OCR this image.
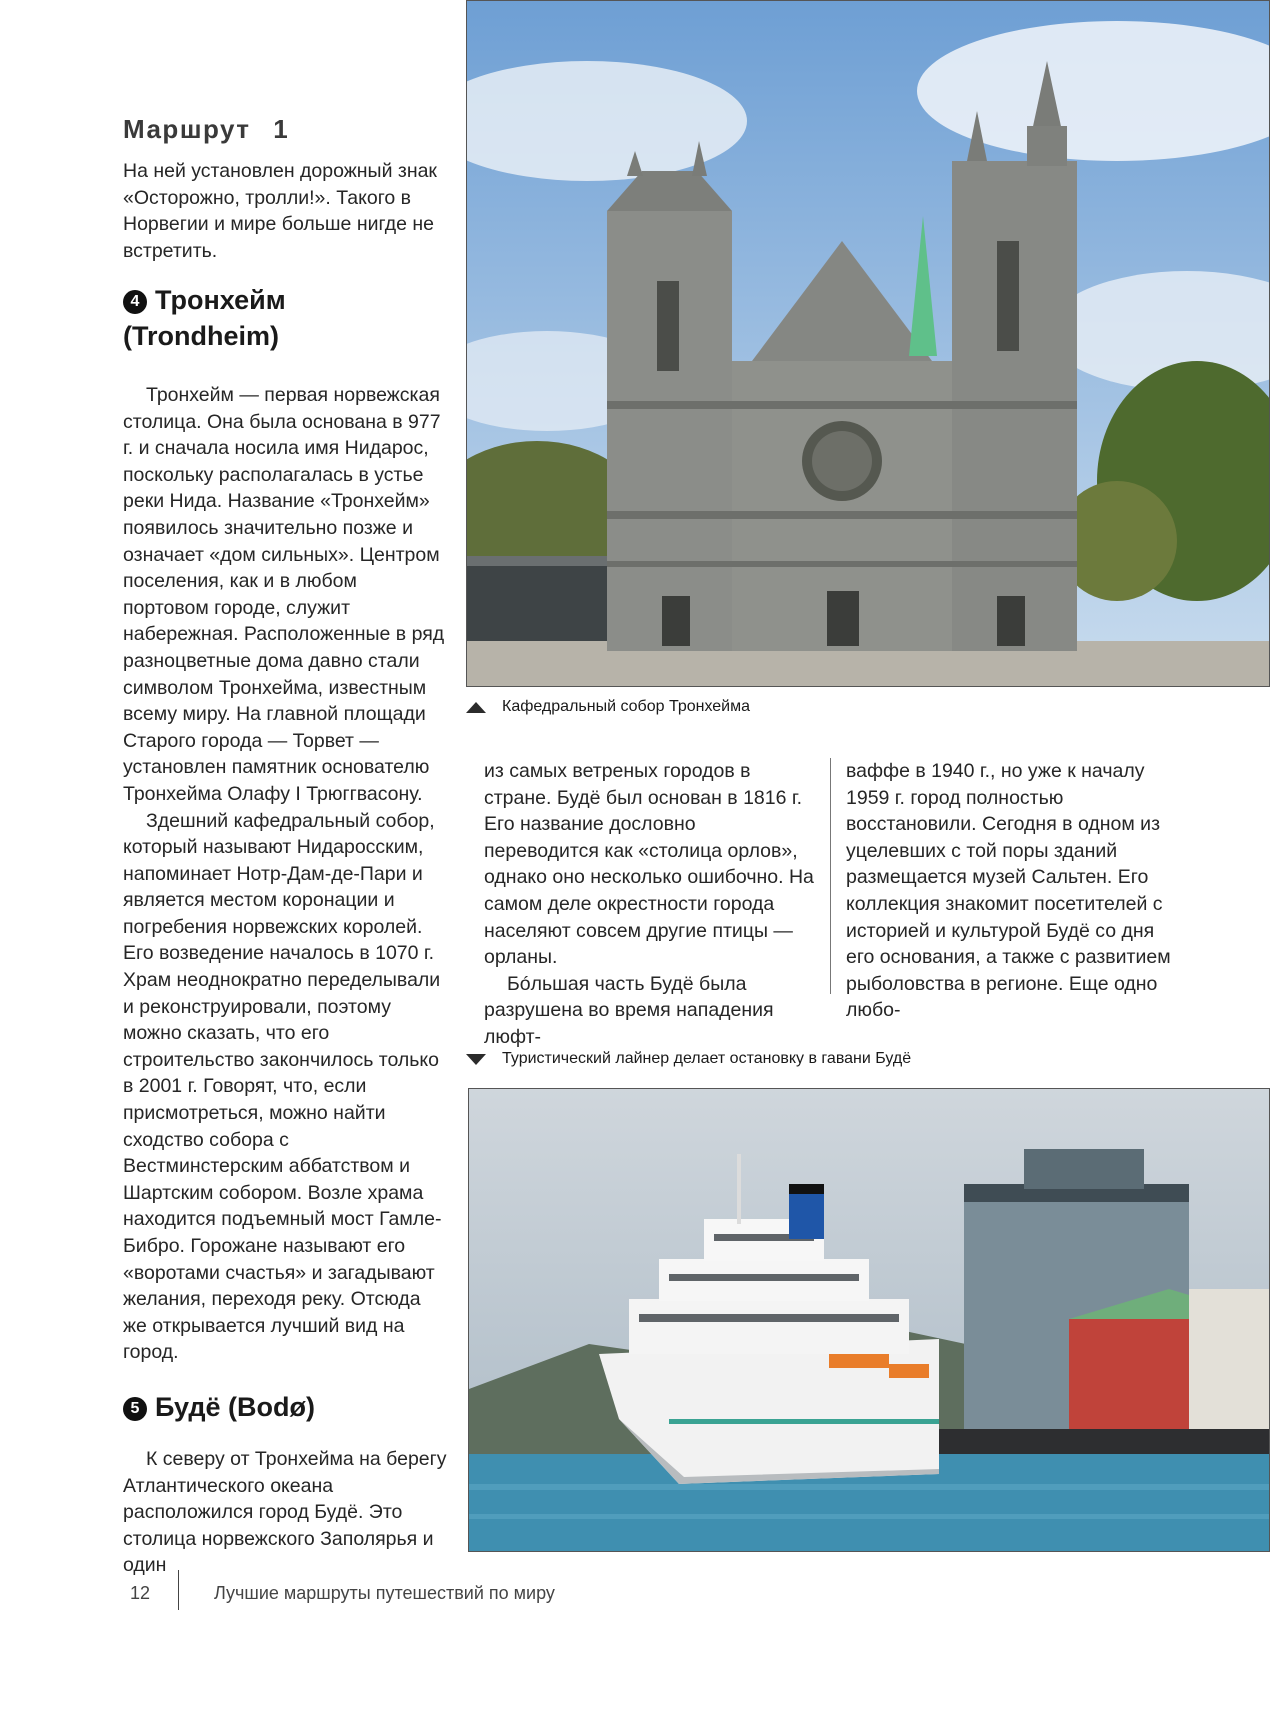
Маршрут 1

На ней установлен дорожный знак «Осторожно, тролли!». Такого в Норвегии и мире больше нигде не встретить.

4 Тронхейм (Trondheim)

Тронхейм — первая норвежская столица. Она была основана в 977 г. и сначала носила имя Нидарос, поскольку располагалась в устье реки Нида. Название «Тронхейм» появилось значительно позже и означает «дом сильных». Центром поселения, как и в любом портовом городе, служит набережная. Расположенные в ряд разноцветные дома давно стали символом Тронхейма, известным всему миру. На главной площади Старого города — Торвет — установлен памятник основателю Тронхейма Олафу I Трюггвасону.

Здешний кафедральный собор, который называют Нидаросским, напоминает Нотр-Дам-де-Пари и является местом коронации и погребения норвежских королей. Его возведение началось в 1070 г. Храм неоднократно переделывали и реконструировали, поэтому можно сказать, что его строительство закончилось только в 2001 г. Говорят, что, если присмотреться, можно найти сходство собора с Вестминстерским аббатством и Шартским собором. Возле храма находится подъемный мост Гамле-Бибро. Горожане называют его «воротами счастья» и загадывают желания, переходя реку. Отсюда же открывается лучший вид на город.

5 Будё (Bodø)

К северу от Тронхейма на берегу Атлантического океана расположился город Будё. Это столица норвежского Заполярья и один

Кафедральный собор Тронхейма

из самых ветреных городов в стране. Будё был основан в 1816 г. Его название дословно переводится как «столица орлов», однако оно несколько ошибочно. На самом деле окрестности города населяют совсем другие птицы — орланы.

Бóльшая часть Будё была разрушена во время нападения люфт-

ваффе в 1940 г., но уже к началу 1959 г. город полностью восстановили. Сегодня в одном из уцелевших с той поры зданий размещается музей Сальтен. Его коллекция знакомит посетителей с историей и культурой Будё со дня его основания, а также с развитием рыболовства в регионе. Еще одно любо-

Туристический лайнер делает остановку в гавани Будё
12	Лучшие маршруты путешествий по миру
